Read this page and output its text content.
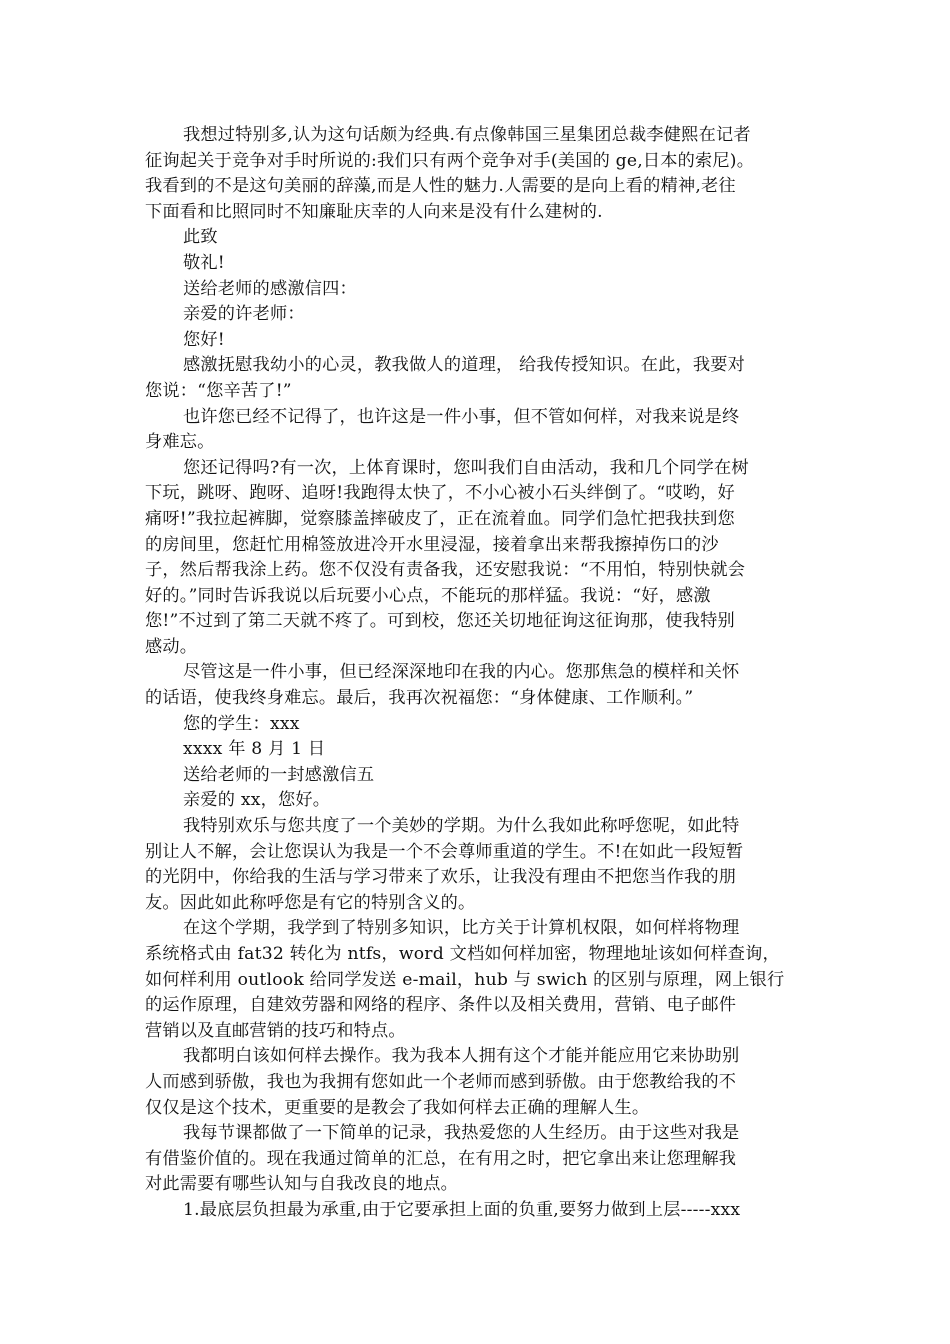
我想过特别多,认为这句话颇为经典.有点像韩国三星集团总裁李健熙在记者
征询起关于竞争对手时所说的:我们只有两个竞争对手(美国的 ge,日本的索尼)。
我看到的不是这句美丽的辞藻,而是人性的魅力.人需要的是向上看的精神,老往
下面看和比照同时不知廉耻庆幸的人向来是没有什么建树的.

此致

敬礼!

送给老师的感激信四：

亲爱的许老师：

您好!

感激抚慰我幼小的心灵，教我做人的道理， 给我传授知识。在此，我要对
您说：“您辛苦了!”
也许您已经不记得了，也许这是一件小事，但不管如何样，对我来说是终
身难忘。
您还记得吗?有一次，上体育课时，您叫我们自由活动，我和几个同学在树
下玩，跳呀、跑呀、追呀!我跑得太快了，不小心被小石头绊倒了。“哎哟，好
痛呀!”我拉起裤脚，觉察膝盖摔破皮了，正在流着血。同学们急忙把我扶到您
的房间里，您赶忙用棉签放进冷开水里浸湿，接着拿出来帮我擦掉伤口的沙
子，然后帮我涂上药。您不仅没有责备我，还安慰我说：“不用怕，特别快就会
好的。”同时告诉我说以后玩要小心点，不能玩的那样猛。我说：“好，感激
您!”不过到了第二天就不疼了。可到校，您还关切地征询这征询那，使我特别
感动。
尽管这是一件小事，但已经深深地印在我的内心。您那焦急的模样和关怀
的话语，使我终身难忘。最后，我再次祝福您：“身体健康、工作顺利。”

您的学生：xxx

xxxx 年 8 月 1 日

送给老师的一封感激信五

亲爱的 xx，您好。

我特别欢乐与您共度了一个美妙的学期。为什么我如此称呼您呢，如此特
别让人不解，会让您误认为我是一个不会尊师重道的学生。不!在如此一段短暂
的光阴中，你给我的生活与学习带来了欢乐，让我没有理由不把您当作我的朋
友。因此如此称呼您是有它的特别含义的。
在这个学期，我学到了特别多知识，比方关于计算机权限，如何样将物理
系统格式由 fat32 转化为 ntfs，word 文档如何样加密，物理地址该如何样查询，
如何样利用 outlook 给同学发送 e-mail，hub 与 swich 的区别与原理，网上银行
的运作原理，自建效劳器和网络的程序、条件以及相关费用，营销、电子邮件
营销以及直邮营销的技巧和特点。
我都明白该如何样去操作。我为我本人拥有这个才能并能应用它来协助别
人而感到骄傲，我也为我拥有您如此一个老师而感到骄傲。由于您教给我的不
仅仅是这个技术，更重要的是教会了我如何样去正确的理解人生。
我每节课都做了一下简单的记录，我热爱您的人生经历。由于这些对我是
有借鉴价值的。现在我通过简单的汇总，在有用之时，把它拿出来让您理解我
对此需要有哪些认知与自我改良的地点。
1.最底层负担最为承重,由于它要承担上面的负重,要努力做到上层-----xxx
